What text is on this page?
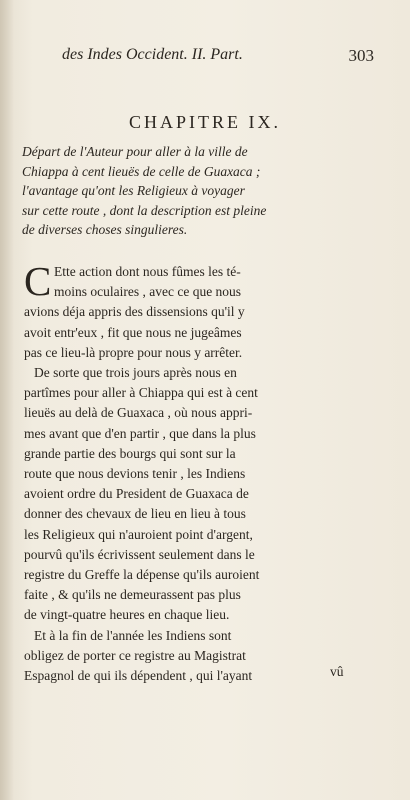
des Indes Occident. II. Part.	303
CHAPITRE IX.

Départ de l'Auteur pour aller à la ville de
Chiappa à cent lieuës de celle de Guaxaca ;
l'avantage qu'ont les Religieux à voyager
sur cette route , dont la description est pleine
de diverses choses singulieres.

C Ette action dont nous fûmes les té-
moins oculaires , avec ce que nous
avions déja appris des dissensions qu'il y
avoit entr'eux , fit que nous ne jugeâmes
pas ce lieu-là propre pour nous y arrêter.

De sorte que trois jours après nous en
partîmes pour aller à Chiappa qui est à cent
lieuës au delà de Guaxaca , où nous appri-
mes avant que d'en partir , que dans la plus
grande partie des bourgs qui sont sur la
route que nous devions tenir , les Indiens
avoient ordre du President de Guaxaca de
donner des chevaux de lieu en lieu à tous
les Religieux qui n'auroient point d'argent,
pourvû qu'ils écrivissent seulement dans le
registre du Greffe la dépense qu'ils auroient
faite , & qu'ils ne demeurassent pas plus
de vingt-quatre heures en chaque lieu.

Et à la fin de l'année les Indiens sont
obligez de porter ce registre au Magistrat
Espagnol de qui ils dépendent , qui l'ayant	vû
